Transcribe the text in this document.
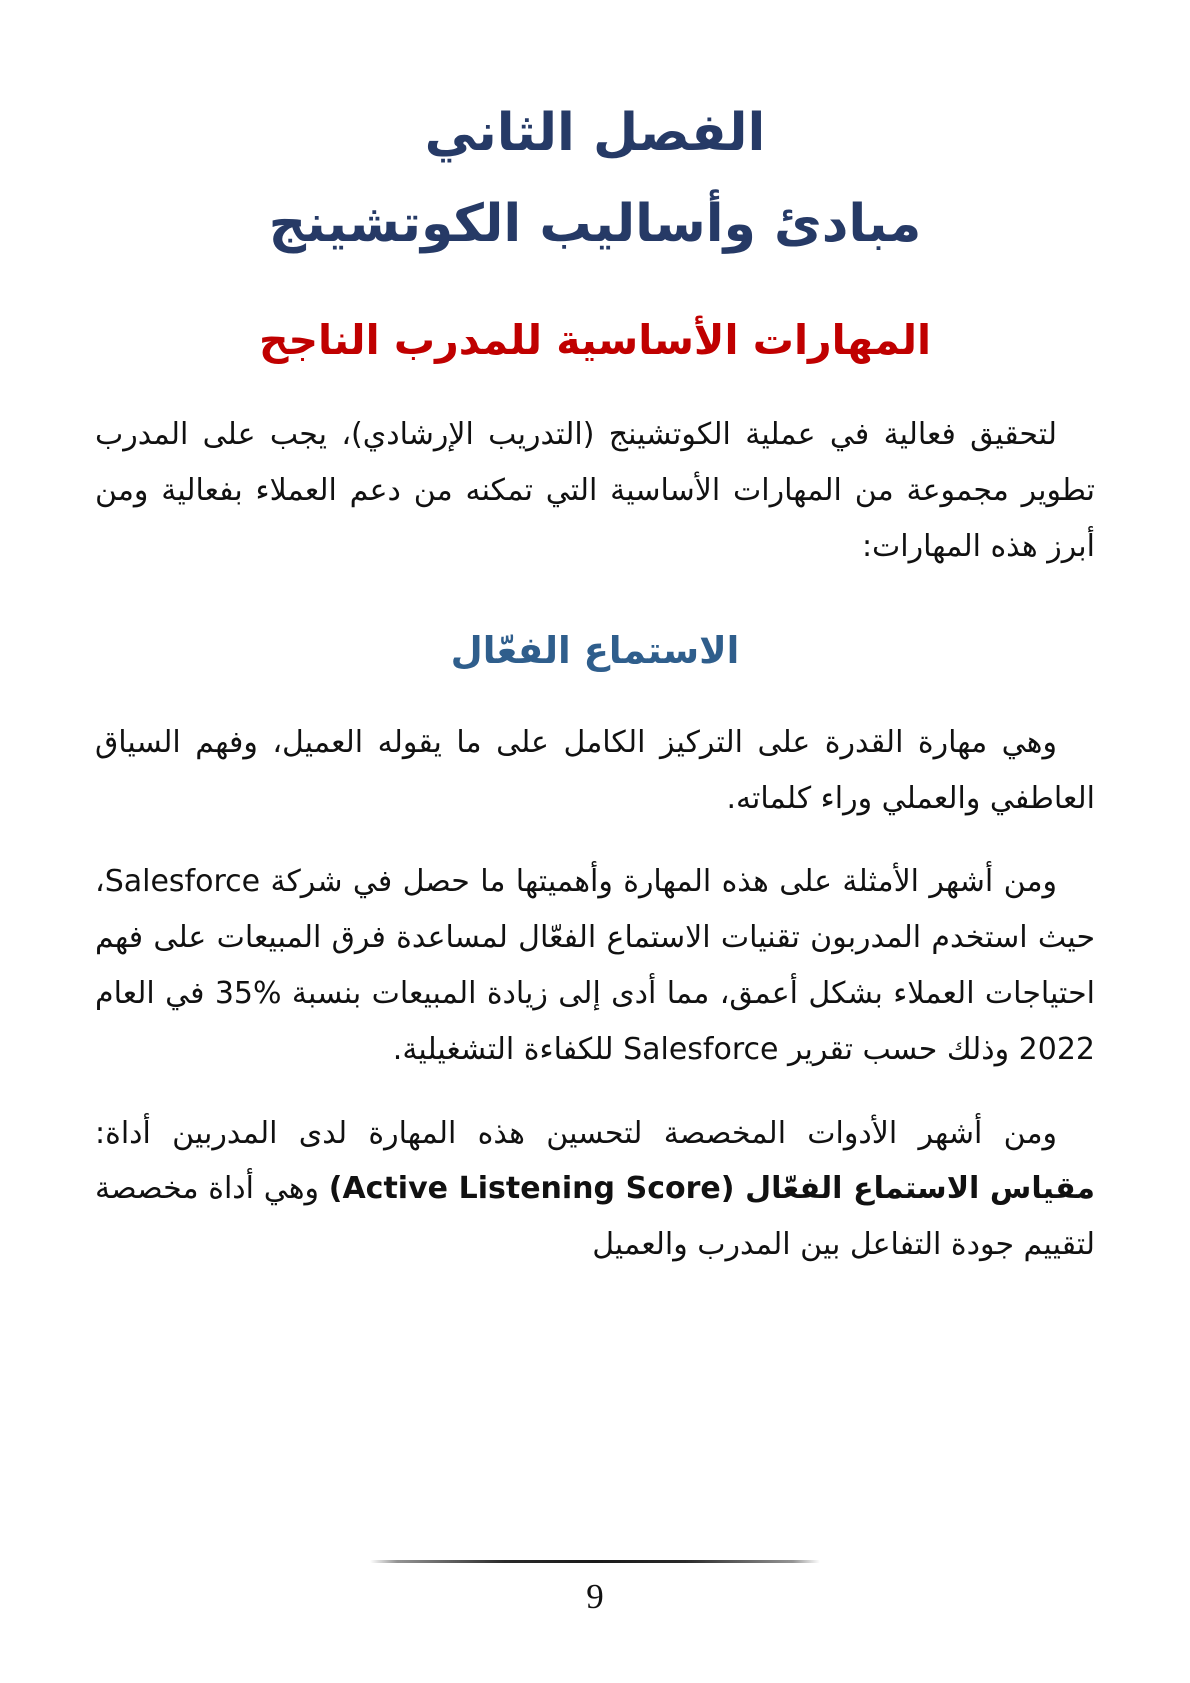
الفصل الثاني
مبادئ وأساليب الكوتشينج
المهارات الأساسية للمدرب الناجح

لتحقيق فعالية في عملية الكوتشينج (التدريب الإرشادي)، يجب على المدرب تطوير مجموعة من المهارات الأساسية التي تمكنه من دعم العملاء بفعالية ومن أبرز هذه المهارات:

الاستماع الفعّال

وهي مهارة القدرة على التركيز الكامل على ما يقوله العميل، وفهم السياق العاطفي والعملي وراء كلماته.

ومن أشهر الأمثلة على هذه المهارة وأهميتها ما حصل في شركة Salesforce، حيث استخدم المدربون تقنيات الاستماع الفعّال لمساعدة فرق المبيعات على فهم احتياجات العملاء بشكل أعمق، مما أدى إلى زيادة المبيعات بنسبة %35 في العام 2022 وذلك حسب تقرير Salesforce للكفاءة التشغيلية.

ومن أشهر الأدوات المخصصة لتحسين هذه المهارة لدى المدربين أداة: مقياس الاستماع الفعّال (Active Listening Score) وهي أداة مخصصة لتقييم جودة التفاعل بين المدرب والعميل

9
